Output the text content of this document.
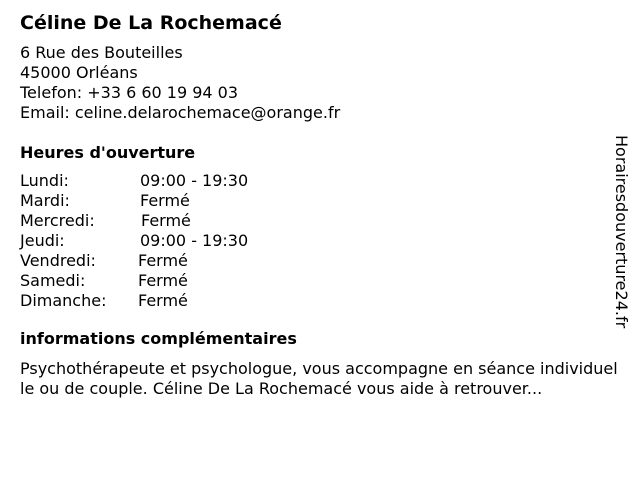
Céline De La Rochemacé
6 Rue des Bouteilles
45000 Orléans
Telefon: +33 6 60 19 94 03
Email: celine.delarochemace@orange.fr
Heures d'ouverture
Lundi:	09:00 - 19:30
Mardi:	Fermé
Mercredi:	Fermé
Jeudi:	09:00 - 19:30
Vendredi:	Fermé
Samedi:	Fermé
Dimanche: Fermé
informations complémentaires
Psychothérapeute et psychologue, vous accompagne en séance individuelle ou de couple. Céline De La Rochemacé vous aide à retrouver...
Horairesdouverture24.fr
